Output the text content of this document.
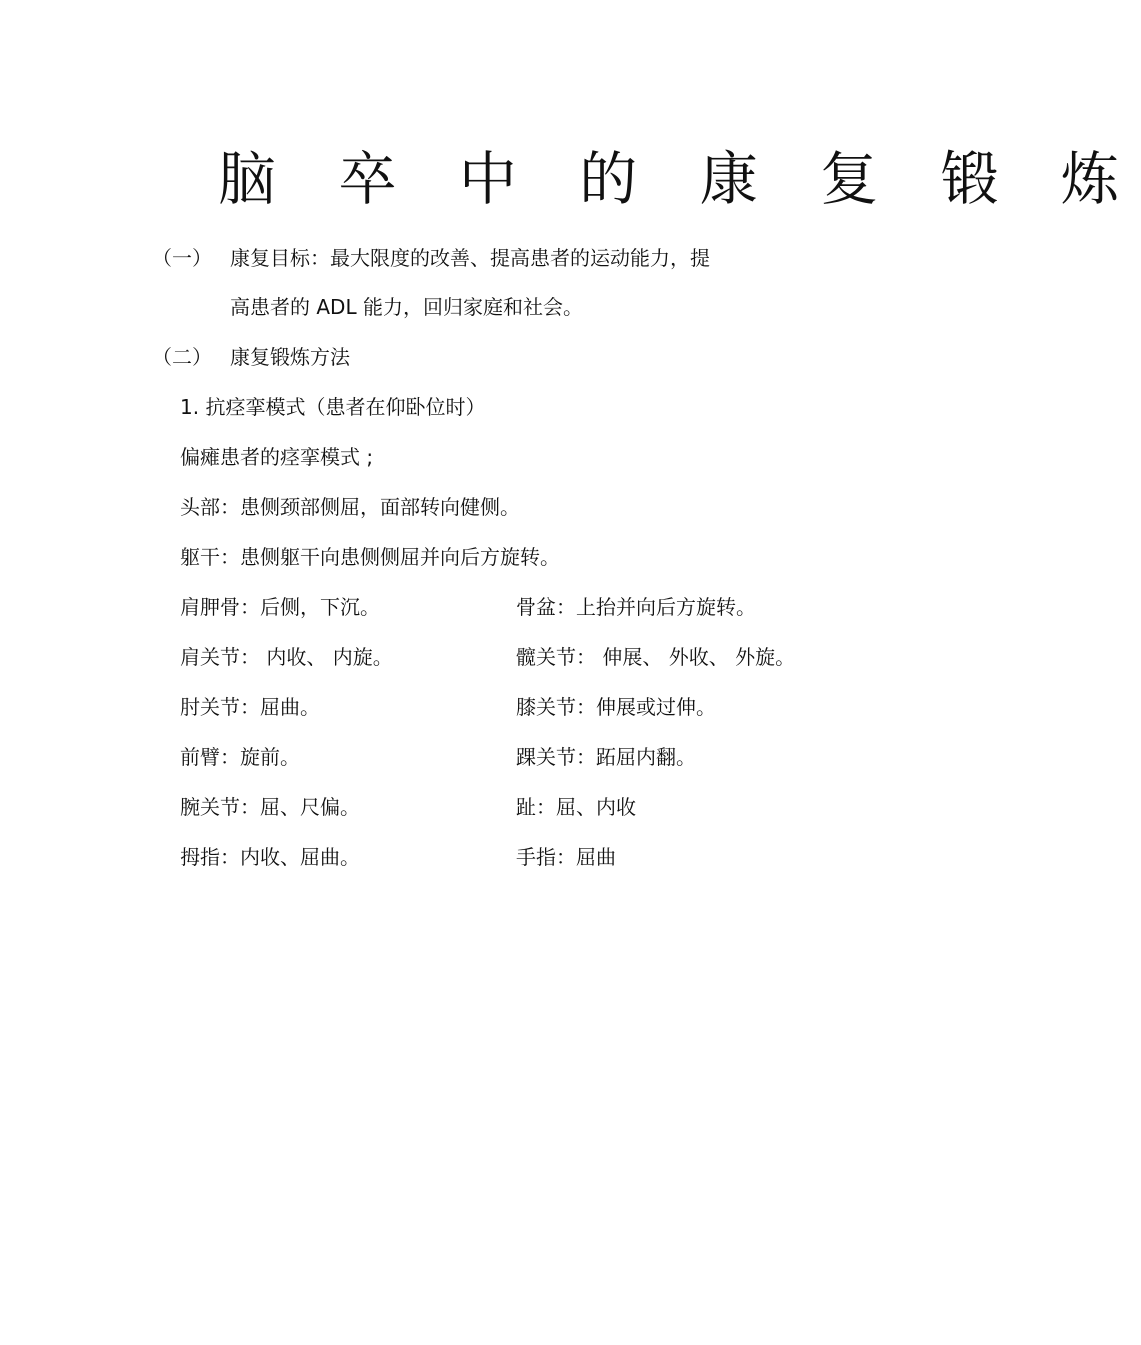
脑 卒 中 的 康 复 锻 炼
（一） 康复目标：最大限度的改善、提高患者的运动能力，提
高患者的 ADL 能力，回归家庭和社会。
（二） 康复锻炼方法
1. 抗痉挛模式（患者在仰卧位时）
偏瘫患者的痉挛模式 ;
头部：患侧颈部侧屈，面部转向健侧。
躯干：患侧躯干向患侧侧屈并向后方旋转。
肩胛骨：后侧，下沉。	骨盆：上抬并向后方旋转。
肩关节： 内收、 内旋。	髋关节： 伸展、 外收、 外旋。
肘关节：屈曲。	膝关节：伸展或过伸。
前臂：旋前。	踝关节：跖屈内翻。
腕关节：屈、尺偏。	趾：屈、内收
拇指：内收、屈曲。	手指：屈曲
